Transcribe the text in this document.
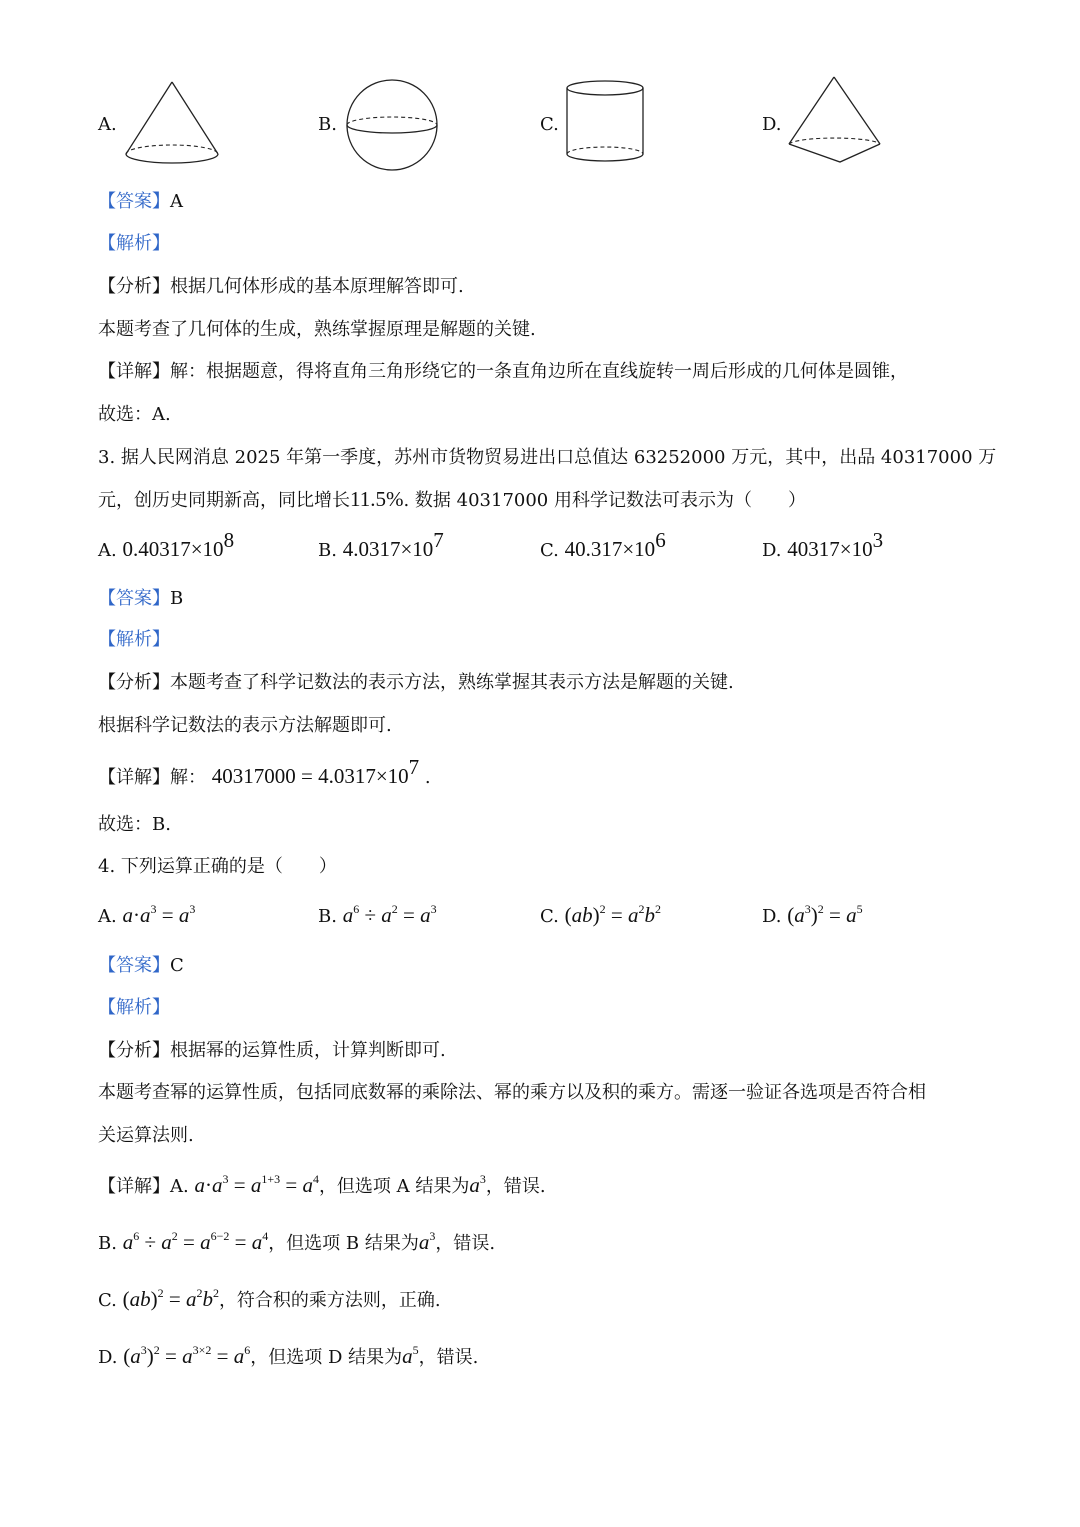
A.	B.	C.	D.
【答案】A
【解析】
【分析】根据几何体形成的基本原理解答即可.
本题考查了几何体的生成，熟练掌握原理是解题的关键.
【详解】解：根据题意，得将直角三角形绕它的一条直角边所在直线旋转一周后形成的几何体是圆锥，
故选：A.
3. 据人民网消息 2025 年第一季度，苏州市货物贸易进出口总值达 63252000 万元，其中，出品 40317000 万
元，创历史同期新高，同比增长11.5%. 数据 40317000 用科学记数法可表示为（　　）
A. $0.40317\times 10^8$	B. $4.0317\times 10^7$	C. $40.317\times 10^6$	D. $40317\times 10^3$
【答案】B
【解析】
【分析】本题考查了科学记数法的表示方法，熟练掌握其表示方法是解题的关键.
根据科学记数法的表示方法解题即可.
【详解】解： $40317000 = 4.0317\times 10^7$ .
故选：B.
4. 下列运算正确的是（　　）
A. $a\cdot a^3 = a^3$	B. $a^6 \div a^2 = a^3$	C. $(ab)^2 = a^2b^2$	D. $(a^3)^2 = a^5$
【答案】C
【解析】
【分析】根据幂的运算性质，计算判断即可.
本题考查幂的运算性质，包括同底数幂的乘除法、幂的乘方以及积的乘方。需逐一验证各选项是否符合相
关运算法则.
【详解】A. $a\cdot a^3 = a^{1+3} = a^4$，但选项 A 结果为$a^3$，错误.
B. $a^6 \div a^2 = a^{6-2} = a^4$，但选项 B 结果为$a^3$，错误.
C. $(ab)^2 = a^2b^2$，符合积的乘方法则，正确.
D. $(a^3)^2 = a^{3\times 2} = a^6$，但选项 D 结果为$a^5$，错误.
